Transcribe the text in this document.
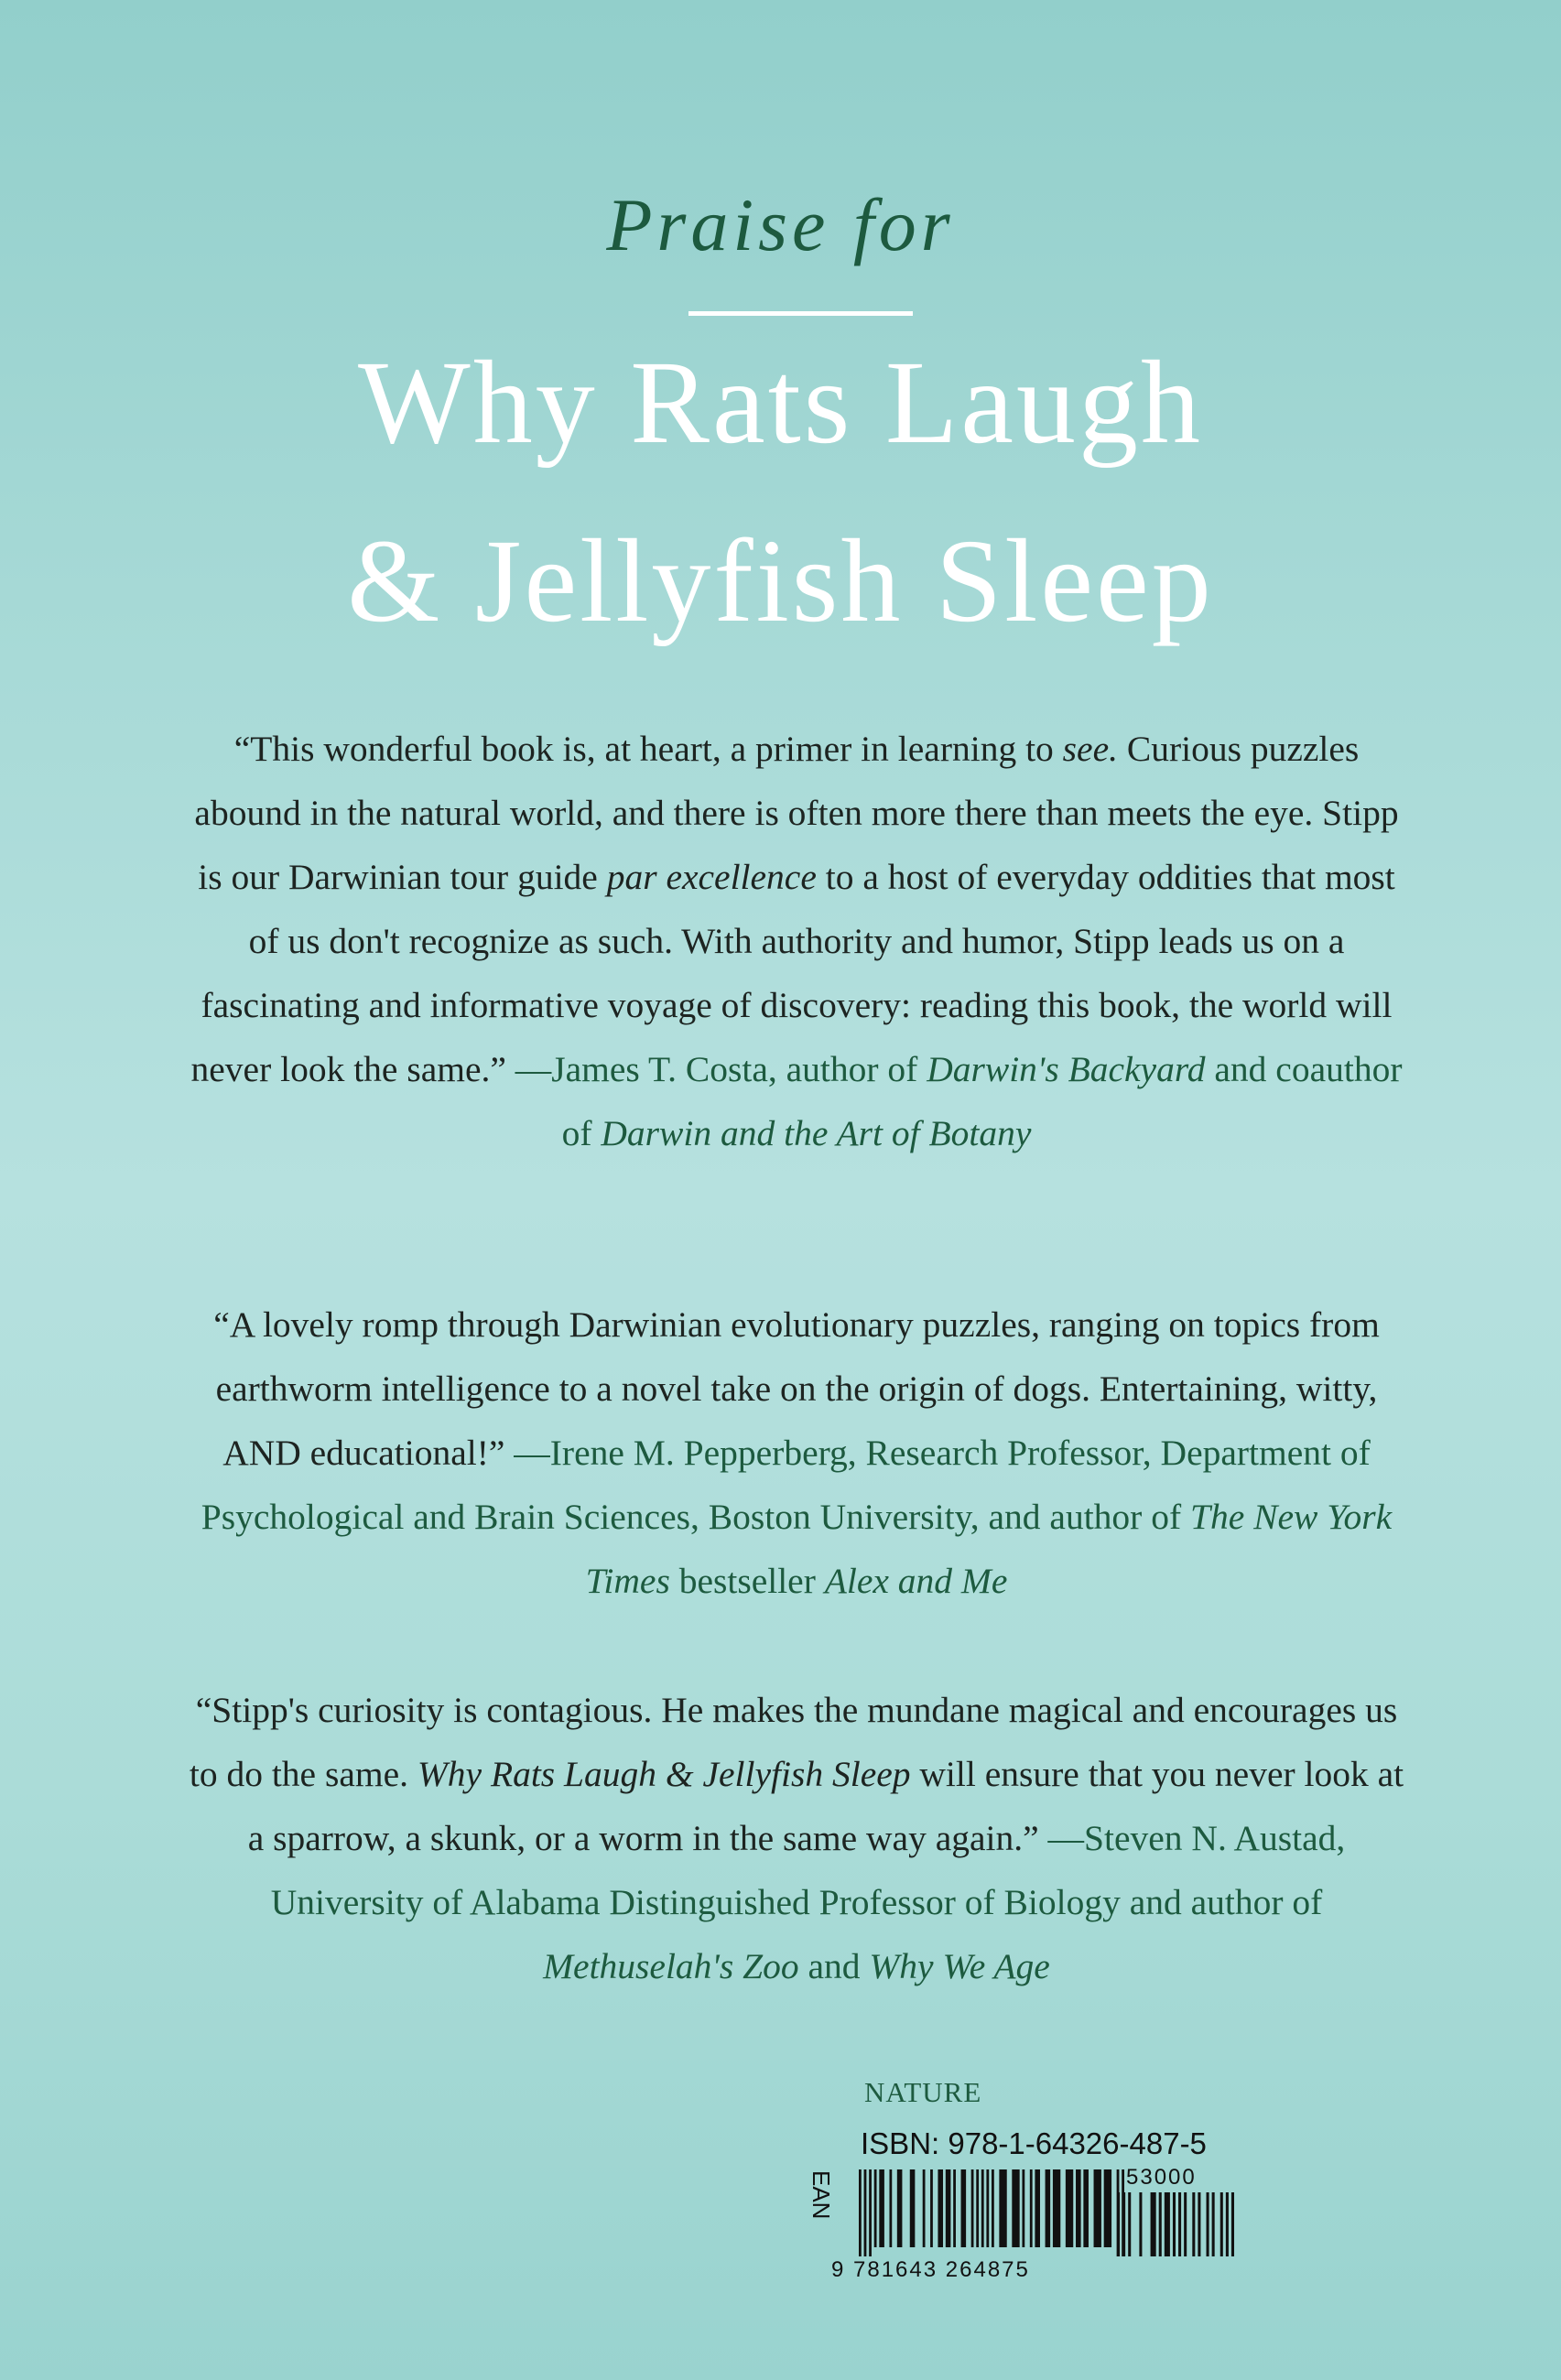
Praise for
Why Rats Laugh
& Jellyfish Sleep
“This wonderful book is, at heart, a primer in learning to see. Curious puzzles abound in the natural world, and there is often more there than meets the eye. Stipp is our Darwinian tour guide par excellence to a host of everyday oddities that most of us don't recognize as such. With authority and humor, Stipp leads us on a fascinating and informative voyage of discovery: reading this book, the world will never look the same.” —James T. Costa, author of Darwin's Backyard and coauthor of Darwin and the Art of Botany
“A lovely romp through Darwinian evolutionary puzzles, ranging on topics from earthworm intelligence to a novel take on the origin of dogs. Entertaining, witty, AND educational!” —Irene M. Pepperberg, Research Professor, Department of Psychological and Brain Sciences, Boston University, and author of The New York Times bestseller Alex and Me
“Stipp's curiosity is contagious. He makes the mundane magical and encourages us to do the same. Why Rats Laugh & Jellyfish Sleep will ensure that you never look at a sparrow, a skunk, or a worm in the same way again.” —Steven N. Austad, University of Alabama Distinguished Professor of Biology and author of Methuselah's Zoo and Why We Age
NATURE
ISBN: 978-1-64326-487-5
EAN	53000
9 781643 264875
